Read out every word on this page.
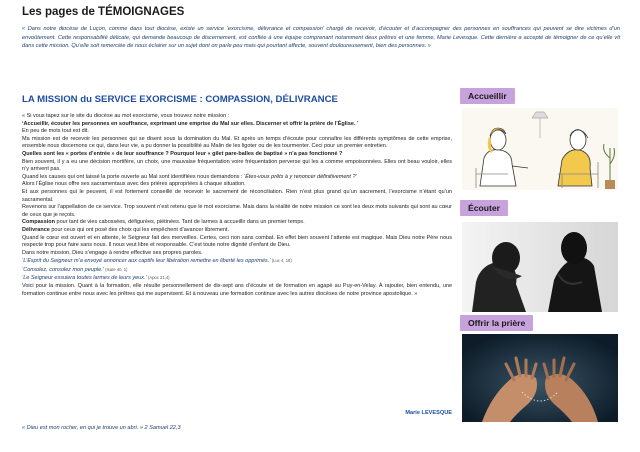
Les pages de TÉMOIGNAGES
« Dans notre diocèse de Luçon, comme dans tout diocèse, existe un service ‘exorcisme, délivrance et compassion’ chargé de recevoir, d’écouter et d’accompagner des personnes en souffrances qui peuvent se dire victimes d’un envoûtement. Cette responsabilité délicate, qui demande beaucoup de discernement, est confiée à une équipe comprenant notamment deux prêtres et une femme, Marie Levesque. Cette dernière a accepté de témoigner de ce qu’elle vit dans cette mission. Qu’elle soit remerciée de nous éclairer sur un sujet dont on parle peu mais qui pourtant affecte, souvent douloureusement, bien des personnes. »
LA MISSION du SERVICE EXORCISME : COMPASSION, DÉLIVRANCE

« Si vous tapez sur le site du diocèse au mot exorcisme, vous trouvez notre mission :

‘Accueillir, écouter les personnes en souffrance, exprimant une emprise du Mal sur elles. Discerner et offrir la prière de l’Église. ’

En peu de mots tout est dit.

Ma mission est de recevoir les personnes qui se disent sous la domination du Mal. Et après un temps d’écoute pour connaître les différents symptômes de cette emprise, ensemble nous discernons ce qui, dans leur vie, a pu donner la possibilité au Malin de les ligoter ou de les tourmenter. Ceci pour un premier entretien.

Quelles sont les « portes d’entrée » de leur souffrance ? Pourquoi leur « gilet pare-balles de baptisé » n’a pas fonctionné ?

Bien souvent, il y a eu une décision mortifère, un choix, une mauvaise fréquentation voire fréquentation perverse qui les a comme empoisonnées. Elles ont beau vouloir, elles n’y arrivent pas.

Quand les causes qui ont laissé la porte ouverte au Mal sont identifiées nous demandons : ‘Êtes-vous prêts à y renoncer définitivement ?’

Alors l’Église nous offre ses sacramentaux avec des prières appropriées à chaque situation.

Et aux personnes qui le peuvent, il est fortement conseillé de recevoir le sacrement de réconciliation. Rien n’est plus grand qu’un sacrement, l’exorcisme n’étant qu’un sacramental.

Revenons sur l’appellation de ce service. Trop souvent n’est retenu que le mot exorcisme. Mais dans la réalité de notre mission ce sont les deux mots suivants qui sont au cœur de ceux que je reçois.

Compassion pour tant de vies cabossées, défigurées, piétinées. Tant de larmes à accueillir dans un premier temps.

Délivrance pour ceux qui ont posé des choix qui les empêchent d’avancer librement.

Quand le cœur est ouvert et en attente, le Seigneur fait des merveilles. Certes, ceci non sans combat. En effet bien souvent l’attente est magique. Mais Dieu notre Père nous respecte trop pour faire sans nous. Il nous veut libre et responsable. C’est toute notre dignité d’enfant de Dieu.

Dans notre mission, Dieu s’engage à rendre effective ses propres paroles.

‘L’Esprit du Seigneur m’a envoyé annoncer aux captifs leur libération remettre en liberté les opprimés.’ (Luc 4, 18)

‘Consolez, consolez mon peuple.’ (Isaïe 40, 1)

‘Le Seigneur essuiera toutes larmes de leurs yeux.’ (Apoc 21,4)

Voici pour la mission. Quant à la formation, elle résulte personnellement de dix-sept ans d’écoute et de formation en agapè au Puy-en-Velay. À rajouter, bien entendu, une formation continue entre nous avec les prêtres qui me supervisent. Et à nouveau une formation continue avec les autres diocèses de notre province apostolique. »

Marie LEVESQUE
« Dieu est mon rocher, en qui je trouve un abri. » 2 Samuel 22,3
Accueillir
Écouter
Offrir la prière
